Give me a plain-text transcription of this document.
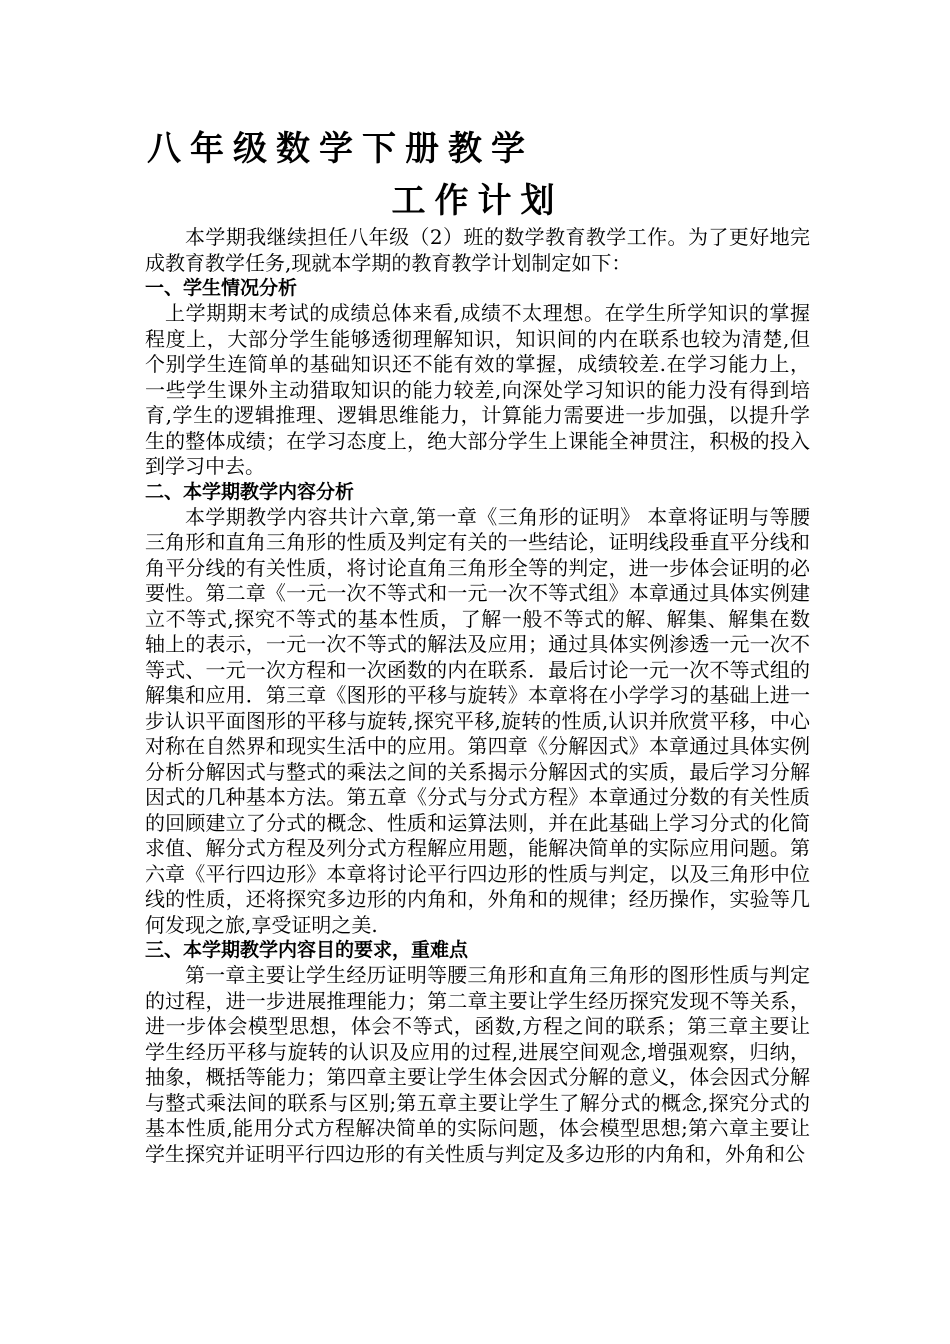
八年级数学下册教学
工作计划

本学期我继续担任八年级（2）班的数学教育教学工作。为了更好地完成教育教学任务,现就本学期的教育教学计划制定如下：

一、学生情况分析

上学期期末考试的成绩总体来看,成绩不太理想。在学生所学知识的掌握程度上，大部分学生能够透彻理解知识，知识间的内在联系也较为清楚,但个别学生连简单的基础知识还不能有效的掌握，成绩较差.在学习能力上，一些学生课外主动猎取知识的能力较差,向深处学习知识的能力没有得到培育,学生的逻辑推理、逻辑思维能力，计算能力需要进一步加强，以提升学生的整体成绩；在学习态度上，绝大部分学生上课能全神贯注，积极的投入到学习中去。

二、本学期教学内容分析

本学期教学内容共计六章,第一章《三角形的证明》 本章将证明与等腰三角形和直角三角形的性质及判定有关的一些结论，证明线段垂直平分线和角平分线的有关性质，将讨论直角三角形全等的判定，进一步体会证明的必要性。第二章《一元一次不等式和一元一次不等式组》本章通过具体实例建立不等式,探究不等式的基本性质，了解一般不等式的解、解集、解集在数轴上的表示，一元一次不等式的解法及应用；通过具体实例渗透一元一次不等式、一元一次方程和一次函数的内在联系．最后讨论一元一次不等式组的解集和应用．第三章《图形的平移与旋转》本章将在小学学习的基础上进一步认识平面图形的平移与旋转,探究平移,旋转的性质,认识并欣赏平移，中心对称在自然界和现实生活中的应用。第四章《分解因式》本章通过具体实例分析分解因式与整式的乘法之间的关系揭示分解因式的实质，最后学习分解因式的几种基本方法。第五章《分式与分式方程》本章通过分数的有关性质的回顾建立了分式的概念、性质和运算法则，并在此基础上学习分式的化简求值、解分式方程及列分式方程解应用题，能解决简单的实际应用问题。第六章《平行四边形》本章将讨论平行四边形的性质与判定，以及三角形中位线的性质，还将探究多边形的内角和，外角和的规律；经历操作，实验等几何发现之旅,享受证明之美.

三、本学期教学内容目的要求，重难点

第一章主要让学生经历证明等腰三角形和直角三角形的图形性质与判定的过程，进一步进展推理能力；第二章主要让学生经历探究发现不等关系，进一步体会模型思想，体会不等式，函数,方程之间的联系；第三章主要让学生经历平移与旋转的认识及应用的过程,进展空间观念,增强观察，归纳，抽象，概括等能力；第四章主要让学生体会因式分解的意义，体会因式分解与整式乘法间的联系与区别;第五章主要让学生了解分式的概念,探究分式的基本性质,能用分式方程解决简单的实际问题，体会模型思想;第六章主要让学生探究并证明平行四边形的有关性质与判定及多边形的内角和，外角和公
